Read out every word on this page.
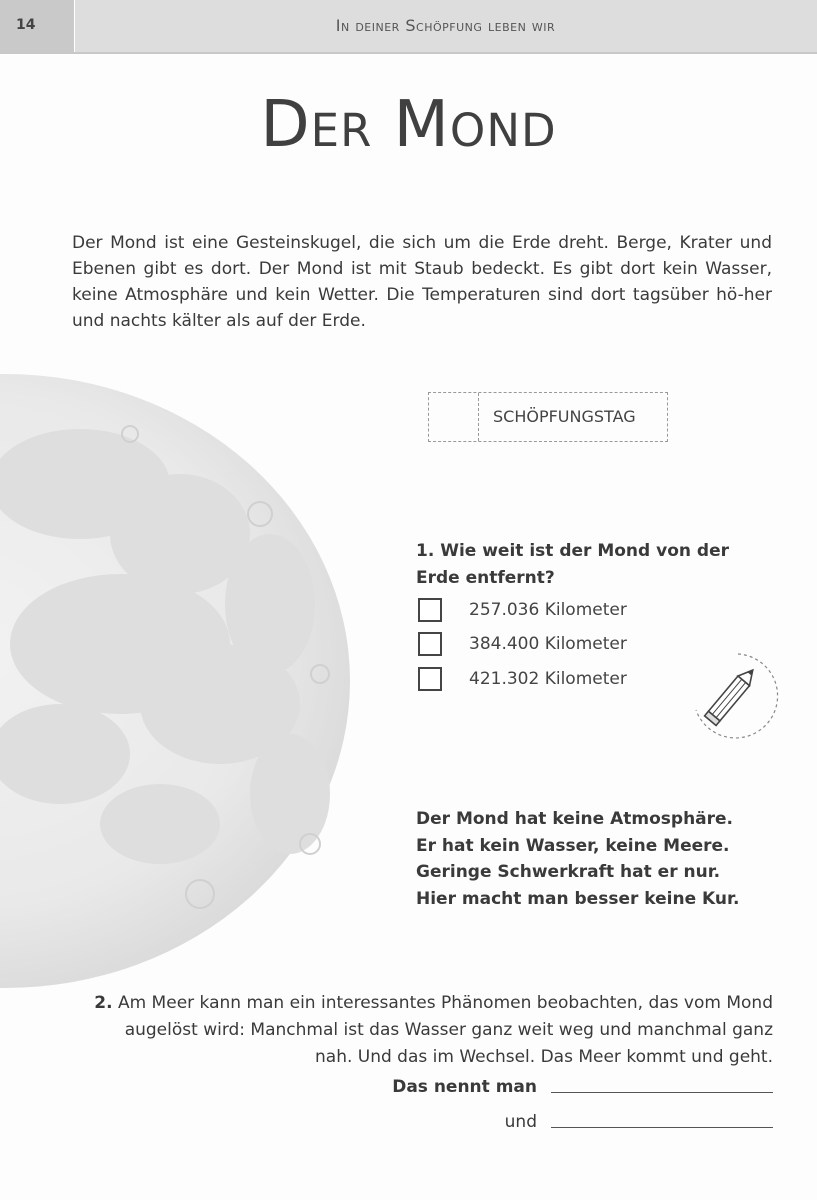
14	In deiner Schöpfung leben wir
Der Mond

Der Mond ist eine Gesteinskugel, die sich um die Erde dreht. Berge, Krater und Ebenen gibt es dort. Der Mond ist mit Staub bedeckt. Es gibt dort kein Wasser, keine Atmosphäre und kein Wetter. Die Temperaturen sind dort tagsüber hö-her und nachts kälter als auf der Erde.

SCHÖPFUNGSTAG

1. Wie weit ist der Mond von der Erde entfernt?

257.036 Kilometer
384.400 Kilometer
421.302 Kilometer
Der Mond hat keine Atmosphäre.
Er hat kein Wasser, keine Meere.
Geringe Schwerkraft hat er nur.
Hier macht man besser keine Kur.

2. Am Meer kann man ein interessantes Phänomen beobachten, das vom Mond augelöst wird: Manchmal ist das Wasser ganz weit weg und manchmal ganz nah. Und das im Wechsel. Das Meer kommt und geht.

Das nennt man
und
